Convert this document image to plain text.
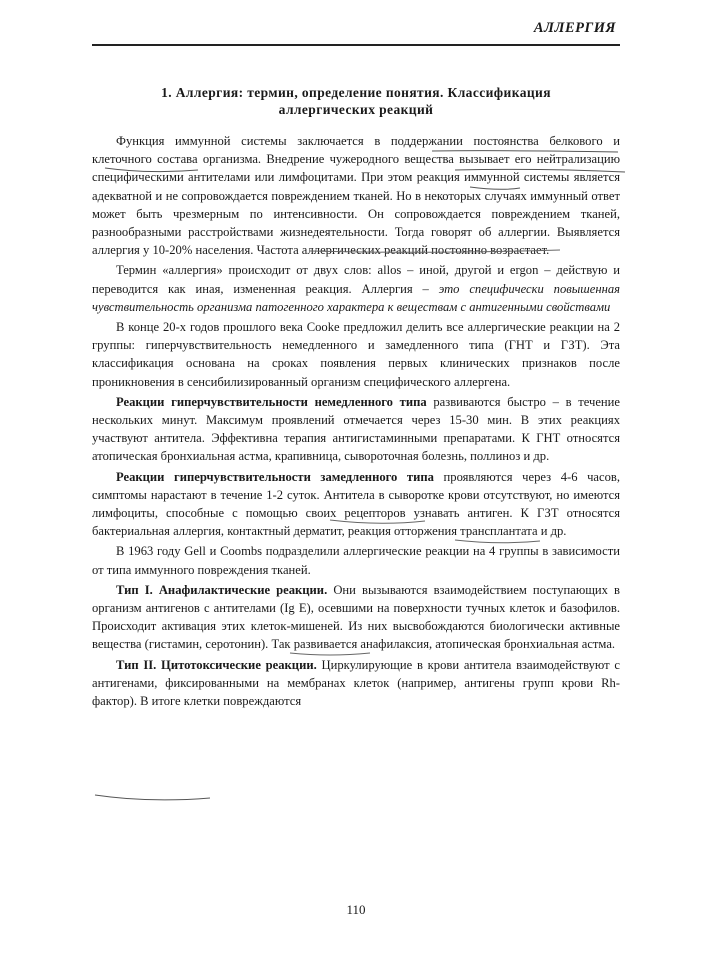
АЛЛЕРГИЯ
1. Аллергия: термин, определение понятия. Классификация
аллергических реакций

Функция иммунной системы заключается в поддержании постоянства белкового и клеточного состава организма. Внедрение чужеродного вещества вызывает его нейтрализацию специфическими антителами или лимфоцитами. При этом реакция иммунной системы является адекватной и не сопровождается повреждением тканей. Но в некоторых случаях иммунный ответ может быть чрезмерным по интенсивности. Он сопровождается повреждением тканей, разнообразными расстройствами жизнедеятельности. Тогда говорят об аллергии. Выявляется аллергия у 10-20% населения. Частота аллергических реакций постоянно возрастает.

Термин «аллергия» происходит от двух слов: allos – иной, другой и ergon – действую и переводится как иная, измененная реакция. Аллергия – это специфически повышенная чувствительность организма патогенного характера к веществам с антигенными свойствами

В конце 20-х годов прошлого века Cooke предложил делить все аллергические реакции на 2 группы: гиперчувствительность немедленного и замедленного типа (ГНТ и ГЗТ). Эта классификация основана на сроках появления первых клинических признаков после проникновения в сенсибилизированный организм специфического аллергена.

Реакции гиперчувствительности немедленного типа развиваются быстро – в течение нескольких минут. Максимум проявлений отмечается через 15-30 мин. В этих реакциях участвуют антитела. Эффективна терапия антигистаминными препаратами. К ГНТ относятся атопическая бронхиальная астма, крапивница, сывороточная болезнь, поллиноз и др.

Реакции гиперчувствительности замедленного типа проявляются через 4-6 часов, симптомы нарастают в течение 1-2 суток. Антитела в сыворотке крови отсутствуют, но имеются лимфоциты, способные с помощью своих рецепторов узнавать антиген. К ГЗТ относятся бактериальная аллергия, контактный дерматит, реакция отторжения трансплантата и др.

В 1963 году Gell и Coombs подразделили аллергические реакции на 4 группы в зависимости от типа иммунного повреждения тканей.

Тип I. Анафилактические реакции. Они вызываются взаимодействием поступающих в организм антигенов с антителами (Ig E), осевшими на поверхности тучных клеток и базофилов. Происходит активация этих клеток-мишеней. Из них высвобождаются биологически активные вещества (гистамин, серотонин). Так развивается анафилаксия, атопическая бронхиальная астма.

Тип II. Цитотоксические реакции. Циркулирующие в крови антитела взаимодействуют с антигенами, фиксированными на мембранах клеток (например, антигены групп крови Rh-фактор). В итоге клетки повреждаются

110
